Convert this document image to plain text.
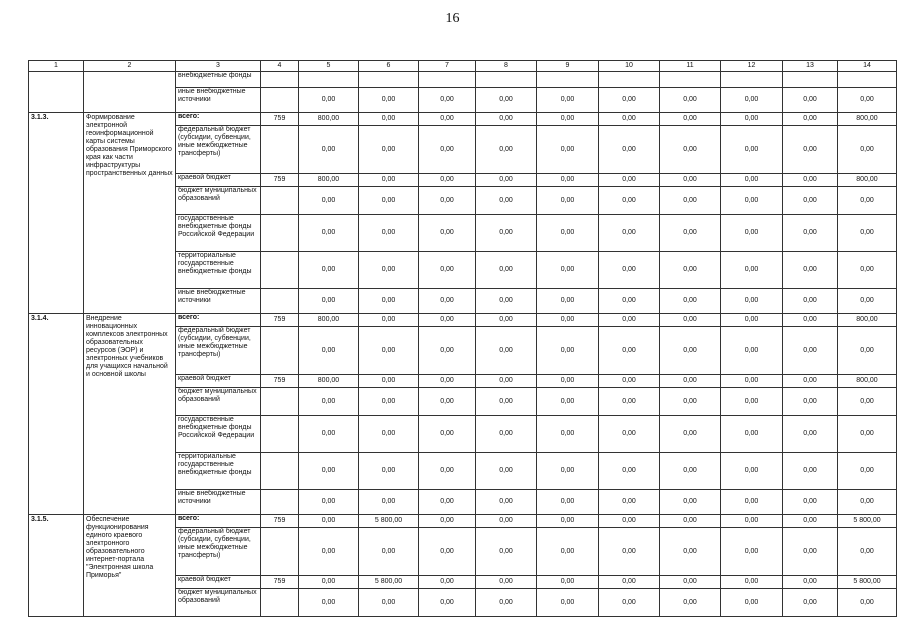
16
1	2	3	4	5	6	7	8	9	10	11	12	13	14
		внебюджетные фонды											
		иные внебюджетные источники		0,00	0,00	0,00	0,00	0,00	0,00	0,00	0,00	0,00	0,00
3.1.3.	Формирование электронной геоинформационной карты системы образования Приморского края как части инфраструктуры пространственных данных	всего:	759	800,00	0,00	0,00	0,00	0,00	0,00	0,00	0,00	0,00	800,00
		федеральный бюджет (субсидии, субвенции, иные межбюджетные трансферты)		0,00	0,00	0,00	0,00	0,00	0,00	0,00	0,00	0,00	0,00
		краевой бюджет	759	800,00	0,00	0,00	0,00	0,00	0,00	0,00	0,00	0,00	800,00
		бюджет муниципальных образований		0,00	0,00	0,00	0,00	0,00	0,00	0,00	0,00	0,00	0,00
		государственные внебюджетные фонды Российской Федерации		0,00	0,00	0,00	0,00	0,00	0,00	0,00	0,00	0,00	0,00
		территориальные государственные внебюджетные фонды		0,00	0,00	0,00	0,00	0,00	0,00	0,00	0,00	0,00	0,00
		иные внебюджетные источники		0,00	0,00	0,00	0,00	0,00	0,00	0,00	0,00	0,00	0,00
3.1.4.	Внедрение инновационных комплексов электронных образовательных ресурсов (ЭОР) и электронных учебников для учащихся начальной и основной школы	всего:	759	800,00	0,00	0,00	0,00	0,00	0,00	0,00	0,00	0,00	800,00
		федеральный бюджет (субсидии, субвенции, иные межбюджетные трансферты)		0,00	0,00	0,00	0,00	0,00	0,00	0,00	0,00	0,00	0,00
		краевой бюджет	759	800,00	0,00	0,00	0,00	0,00	0,00	0,00	0,00	0,00	800,00
		бюджет муниципальных образований		0,00	0,00	0,00	0,00	0,00	0,00	0,00	0,00	0,00	0,00
		государственные внебюджетные фонды Российской Федерации		0,00	0,00	0,00	0,00	0,00	0,00	0,00	0,00	0,00	0,00
		территориальные государственные внебюджетные фонды		0,00	0,00	0,00	0,00	0,00	0,00	0,00	0,00	0,00	0,00
		иные внебюджетные источники		0,00	0,00	0,00	0,00	0,00	0,00	0,00	0,00	0,00	0,00
3.1.5.	Обеспечение функционирования единого краевого электронного образовательного интернет-портала "Электронная школа Приморья"	всего:	759	0,00	5 800,00	0,00	0,00	0,00	0,00	0,00	0,00	0,00	5 800,00
		федеральный бюджет (субсидии, субвенции, иные межбюджетные трансферты)		0,00	0,00	0,00	0,00	0,00	0,00	0,00	0,00	0,00	0,00
		краевой бюджет	759	0,00	5 800,00	0,00	0,00	0,00	0,00	0,00	0,00	0,00	5 800,00
		бюджет муниципальных образований		0,00	0,00	0,00	0,00	0,00	0,00	0,00	0,00	0,00	0,00
